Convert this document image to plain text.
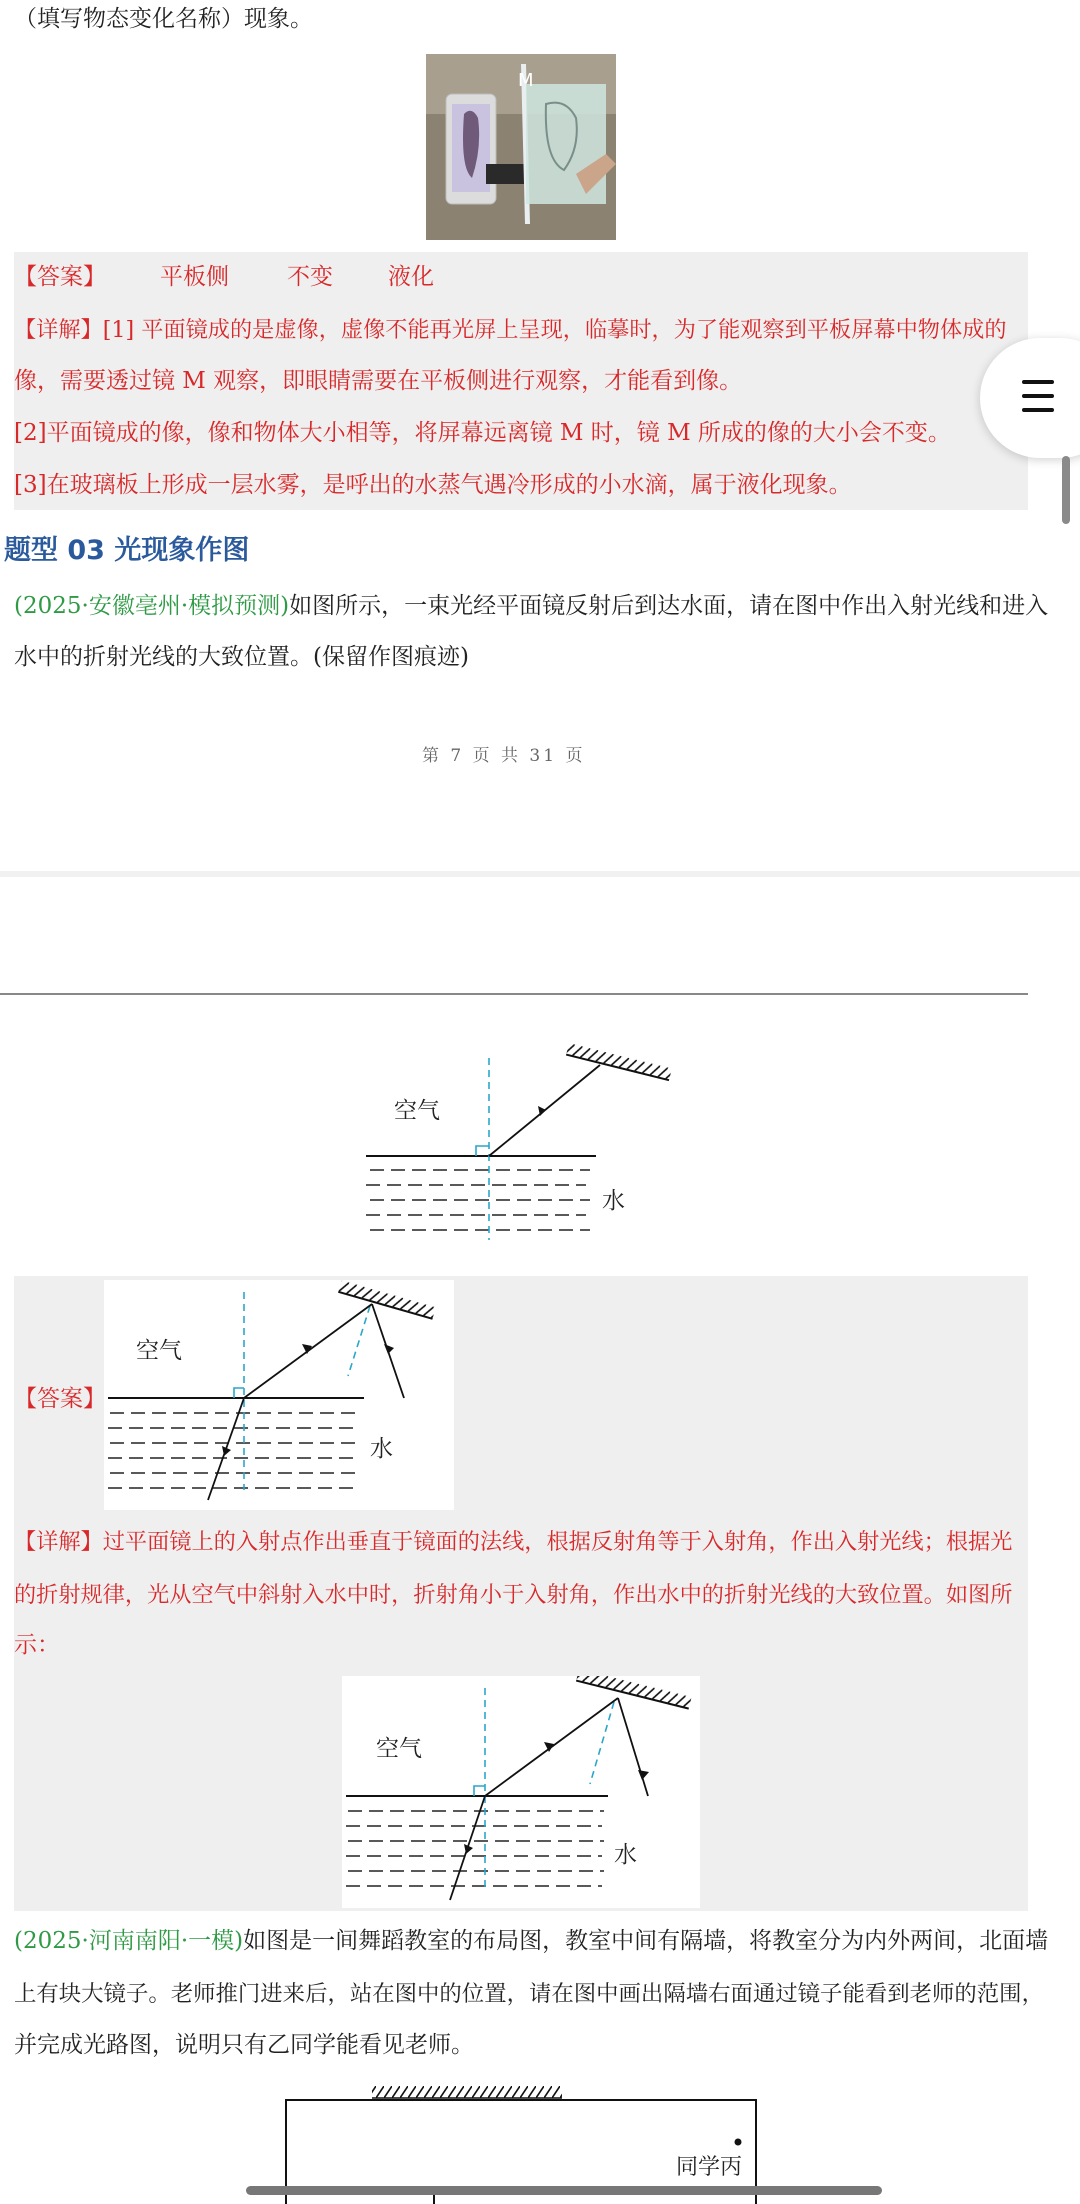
（填写物态变化名称）现象。
M
【答案】 平板侧	不变 液化
【详解】[1] 平面镜成的是虚像，虚像不能再光屏上呈现，临摹时，为了能观察到平板屏幕中物体成的
像，需要透过镜 M 观察，即眼睛需要在平板侧进行观察，才能看到像。
[2]平面镜成的像，像和物体大小相等，将屏幕远离镜 M 时，镜 M 所成的像的大小会不变。
[3]在玻璃板上形成一层水雾，是呼出的水蒸气遇冷形成的小水滴，属于液化现象。
题型 03 光现象作图
(2025·安徽亳州·模拟预测)如图所示，一束光经平面镜反射后到达水面，请在图中作出入射光线和进入
水中的折射光线的大致位置。(保留作图痕迹)
第 7 页 共 31 页
空气
水
【答案】
空气
水
【详解】过平面镜上的入射点作出垂直于镜面的法线，根据反射角等于入射角，作出入射光线；根据光
的折射规律，光从空气中斜射入水中时，折射角小于入射角，作出水中的折射光线的大致位置。如图所
示：
空气
水
(2025·河南南阳·一模)如图是一间舞蹈教室的布局图，教室中间有隔墙，将教室分为内外两间，北面墙
上有块大镜子。老师推门进来后，站在图中的位置，请在图中画出隔墙右面通过镜子能看到老师的范围，
并完成光路图，说明只有乙同学能看见老师。
同学丙
